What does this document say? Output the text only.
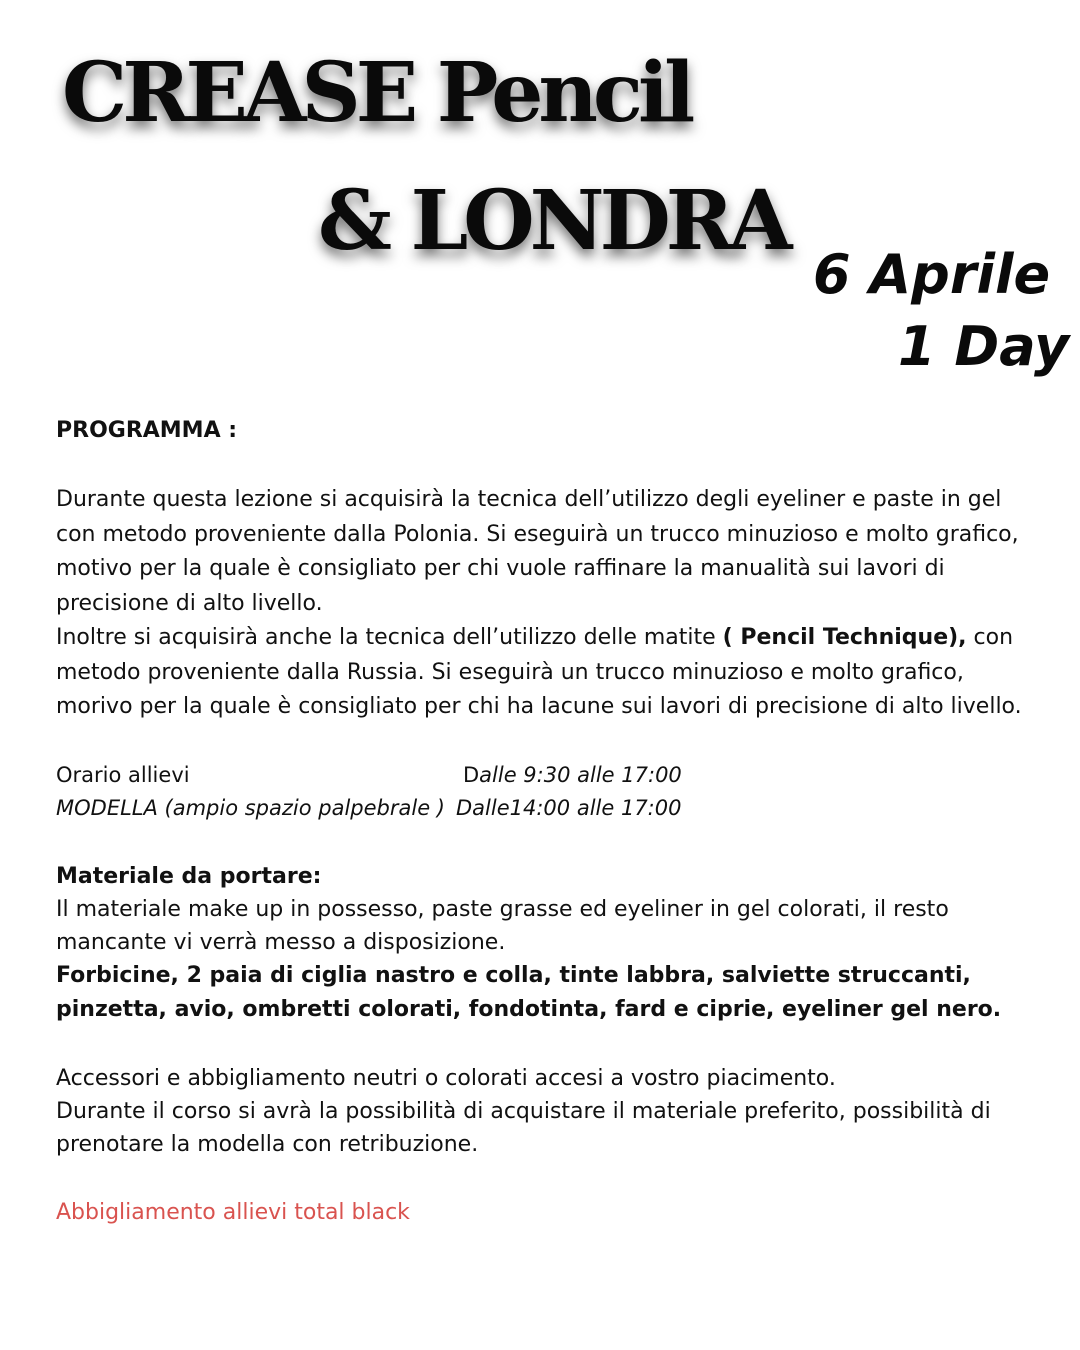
CREASE Pencil
& LONDRA
6 Aprile
1 Day

PROGRAMMA :

Durante questa lezione si acquisirà la tecnica dell’utilizzo degli eyeliner e paste in gel con metodo proveniente dalla Polonia. Si eseguirà un trucco minuzioso e molto grafico, motivo per la quale è consigliato per chi vuole raffinare la manualità sui lavori di precisione di alto livello.

Inoltre si acquisirà anche la tecnica dell’utilizzo delle matite ( Pencil Technique), con metodo proveniente dalla Russia. Si eseguirà un trucco minuzioso e molto grafico, morivo per la quale è consigliato per chi ha lacune sui lavori di precisione di alto livello.

Orario allievi	Dalle 9:30 alle 17:00
MODELLA (ampio spazio palpebrale ) Dalle14:00 alle 17:00

Materiale da portare:

Il materiale make up in possesso, paste grasse ed eyeliner in gel colorati, il resto mancante vi verrà messo a disposizione.

Forbicine, 2 paia di ciglia nastro e colla, tinte labbra, salviette struccanti, pinzetta, avio, ombretti colorati, fondotinta, fard e ciprie, eyeliner gel nero.

Accessori e abbigliamento neutri o colorati accesi a vostro piacimento.

Durante il corso si avrà la possibilità di acquistare il materiale preferito, possibilità di prenotare la modella con retribuzione.

Abbigliamento allievi total black
